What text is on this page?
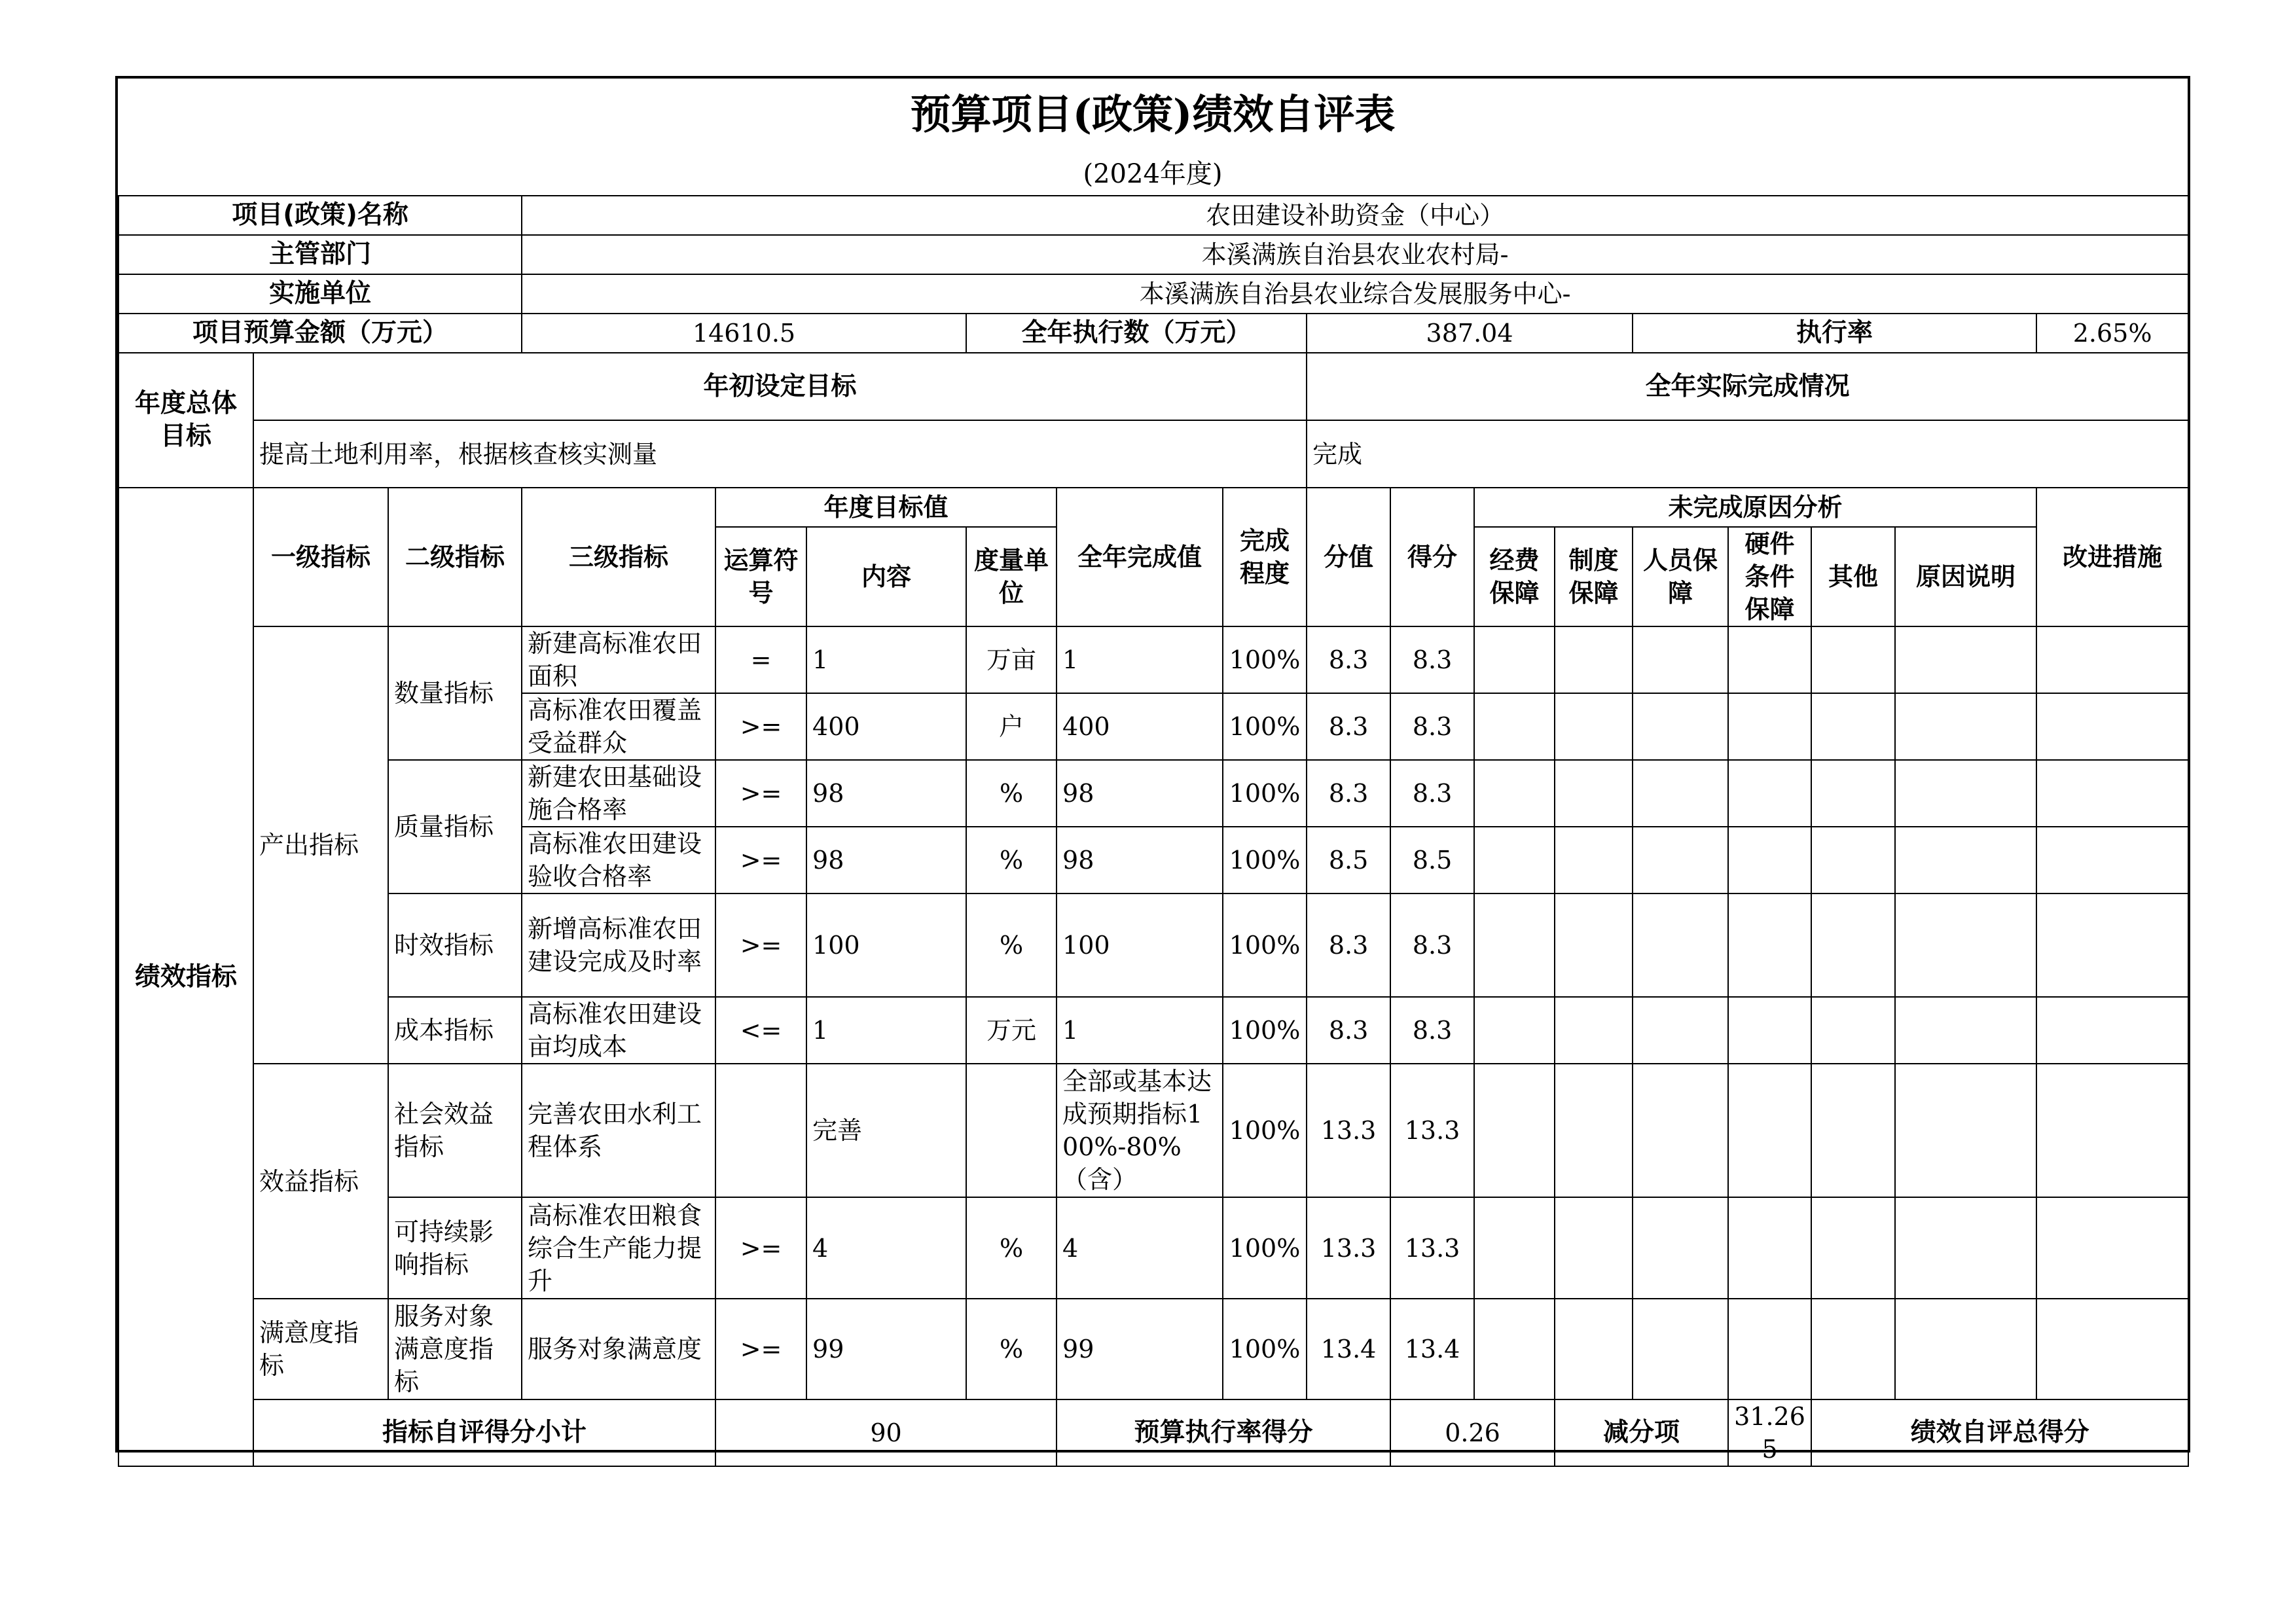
预算项目(政策)绩效自评表
(2024年度)
项目(政策)名称			农田建设补助资金（中心）															
主管部门			本溪满族自治县农业农村局-															
实施单位			本溪满族自治县农业综合发展服务中心-															
项目预算金额（万元）			14610.5			全年执行数（万元）			387.04				执行率				2.65%	
年度总体目标	年初设定目标								全年实际完成情况									
	提高土地利用率，根据核查核实测量								完成									
绩效指标	一级指标	二级指标	三级指标	年度目标值			全年完成值	完成程度	分值	得分	未完成原因分析						改进措施	
				运算符号	内容	度量单位					经费保障	制度保障	人员保障	硬件条件保障	其他	原因说明		
	产出指标	数量指标	新建高标准农田面积	=	1	万亩	1	100%	8.3	8.3								
			高标准农田覆盖受益群众	>=	400	户	400	100%	8.3	8.3								
		质量指标	新建农田基础设施合格率	>=	98	%	98	100%	8.3	8.3								
			高标准农田建设验收合格率	>=	98	%	98	100%	8.5	8.5								
		时效指标	新增高标准农田建设完成及时率	>=	100	%	100	100%	8.3	8.3								
		成本指标	高标准农田建设亩均成本	<=	1	万元	1	100%	8.3	8.3								
	效益指标	社会效益指标	完善农田水利工程体系		完善		全部或基本达成预期指标100%-80%（含）	100%	13.3	13.3								
		可持续影响指标	高标准农田粮食综合生产能力提升	>=	4	%	4	100%	13.3	13.3								
	满意度指标	服务对象满意度指标	服务对象满意度	>=	99	%	99	100%	13.4	13.4								
	指标自评得分小计			90			预算执行率得分			0.26		减分项		31.265	绩效自评总得分	
